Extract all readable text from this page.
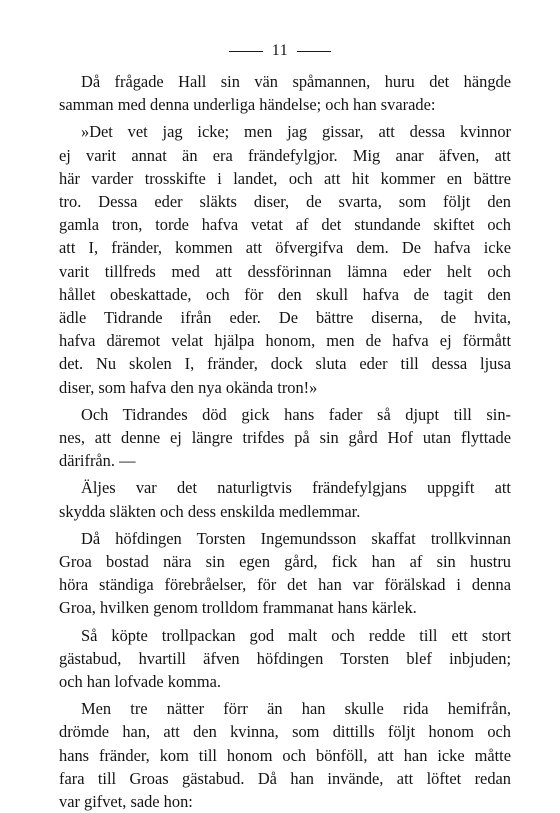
11

Då frågade Hall sin vän spåmannen, huru det hängde
samman med denna underliga händelse; och han svarade:

»Det vet jag icke; men jag gissar, att dessa kvinnor
ej varit annat än era frändefylgjor. Mig anar äfven, att
här varder trosskifte i landet, och att hit kommer en bättre
tro. Dessa eder släkts diser, de svarta, som följt den
gamla tron, torde hafva vetat af det stundande skiftet och
att I, fränder, kommen att öfvergifva dem. De hafva icke
varit tillfreds med att dessförinnan lämna eder helt och
hållet obeskattade, och för den skull hafva de tagit den
ädle Tidrande ifrån eder. De bättre diserna, de hvita,
hafva däremot velat hjälpa honom, men de hafva ej förmått
det. Nu skolen I, fränder, dock sluta eder till dessa ljusa
diser, som hafva den nya okända tron!»

Och Tidrandes död gick hans fader så djupt till sin-
nes, att denne ej längre trifdes på sin gård Hof utan flyttade
därifrån. —

Äljes var det naturligtvis frändefylgjans uppgift att
skydda släkten och dess enskilda medlemmar.

Då höfdingen Torsten Ingemundsson skaffat trollkvinnan
Groa bostad nära sin egen gård, fick han af sin hustru
höra ständiga förebråelser, för det han var förälskad i denna
Groa, hvilken genom trolldom frammanat hans kärlek.

Så köpte trollpackan god malt och redde till ett stort
gästabud, hvartill äfven höfdingen Torsten blef inbjuden;
och han lofvade komma.

Men tre nätter förr än han skulle rida hemifrån,
drömde han, att den kvinna, som dittills följt honom och
hans fränder, kom till honom och bönföll, att han icke måtte
fara till Groas gästabud. Då han invände, att löftet redan
var gifvet, sade hon:
